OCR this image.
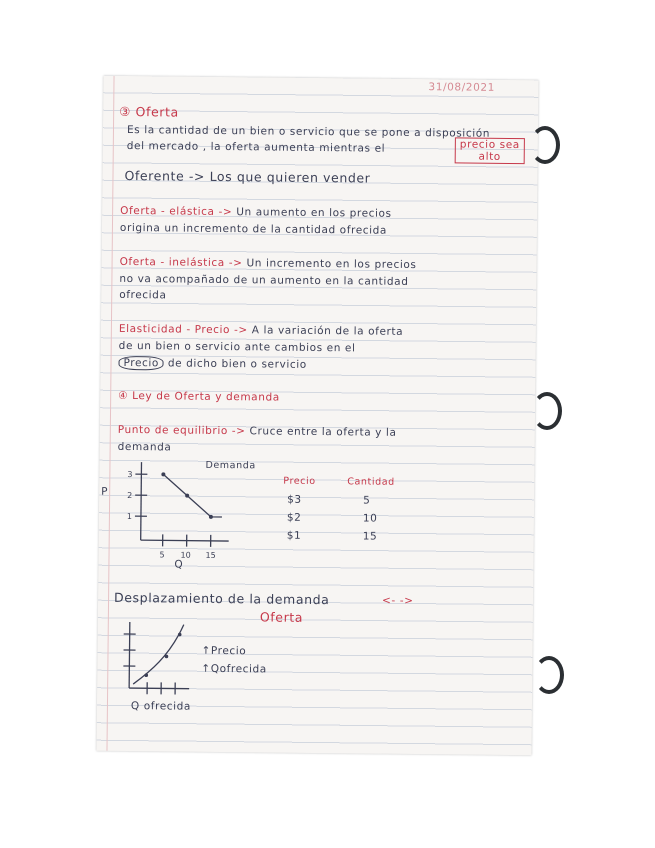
31/08/2021
③ Oferta
Es la cantidad de un bien o servicio que se pone a disposición
del mercado , la oferta aumenta mientras el	precio sea alto
Oferente -> Los que quieren vender
Oferta - elástica -> Un aumento en los precios
origina un incremento de la cantidad ofrecida
Oferta - inelástica -> Un incremento en los precios
no va acompañado de un aumento en la cantidad
ofrecida
Elasticidad - Precio -> A la variación de la oferta
de un bien o servicio ante cambios en el
Precio de dicho bien o servicio
④ Ley de Oferta y demanda
Punto de equilibrio -> Cruce entre la oferta y la
demanda
P
Demanda
3
2
1
5 10 15
Q
Precio	Cantidad
$3	5
$2	10
$1	15
Desplazamiento de la demanda	<- ->
Oferta
↑Precio
↑Qofrecida
Q ofrecida
